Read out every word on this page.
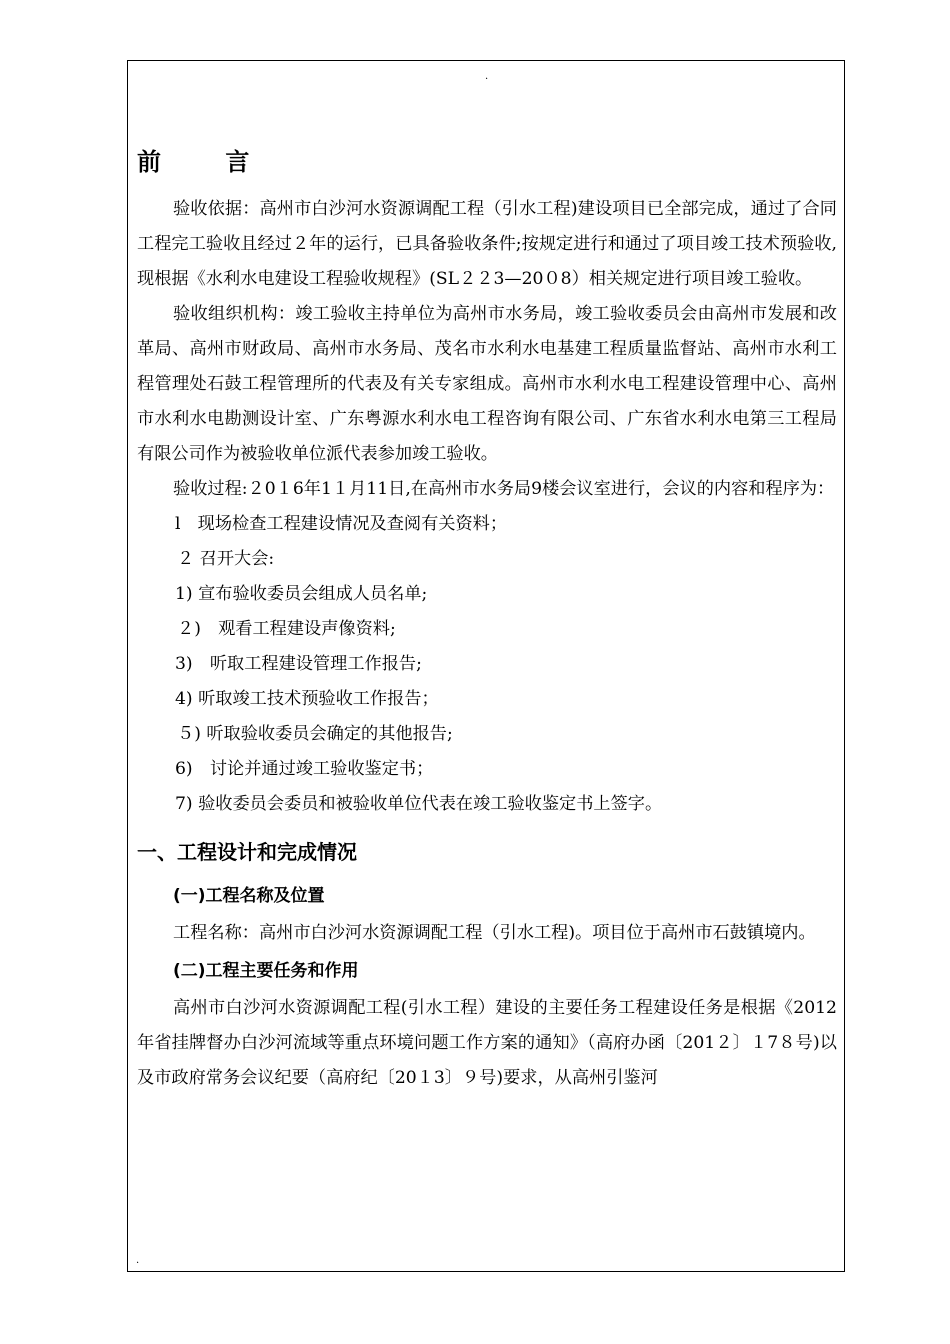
.
.
前 言

验收依据：高州市白沙河水资源调配工程（引水工程)建设项目已全部完成，通过了合同工程完工验收且经过２年的运行，已具备验收条件;按规定进行和通过了项目竣工技术预验收,现根据《水利水电建设工程验收规程》(SL２２3—20０8）相关规定进行项目竣工验收。

验收组织机构：竣工验收主持单位为高州市水务局，竣工验收委员会由高州市发展和改革局、高州市财政局、高州市水务局、茂名市水利水电基建工程质量监督站、高州市水利工程管理处石鼓工程管理所的代表及有关专家组成。高州市水利水电工程建设管理中心、高州市水利水电勘测设计室、广东粤源水利水电工程咨询有限公司、广东省水利水电第三工程局有限公司作为被验收单位派代表参加竣工验收。

验收过程:２0１6年1１月11日,在高州市水务局9楼会议室进行，会议的内容和程序为：

l　现场检查工程建设情况及查阅有关资料；

２ 召开大会:

1) 宣布验收委员会组成人员名单;

２)　观看工程建设声像资料;

3)　听取工程建设管理工作报告;

4) 听取竣工技术预验收工作报告；

５) 听取验收委员会确定的其他报告;

6)　讨论并通过竣工验收鉴定书；

7) 验收委员会委员和被验收单位代表在竣工验收鉴定书上签字。

一、工程设计和完成情况
(一)工程名称及位置

工程名称：高州市白沙河水资源调配工程（引水工程)。项目位于高州市石鼓镇境内。

(二)工程主要任务和作用

高州市白沙河水资源调配工程(引水工程）建设的主要任务工程建设任务是根据《2012年省挂牌督办白沙河流域等重点环境问题工作方案的通知》（高府办函〔201２〕１7８号)以及市政府常务会议纪要（高府纪〔20１3〕９号)要求，从高州引鉴河
